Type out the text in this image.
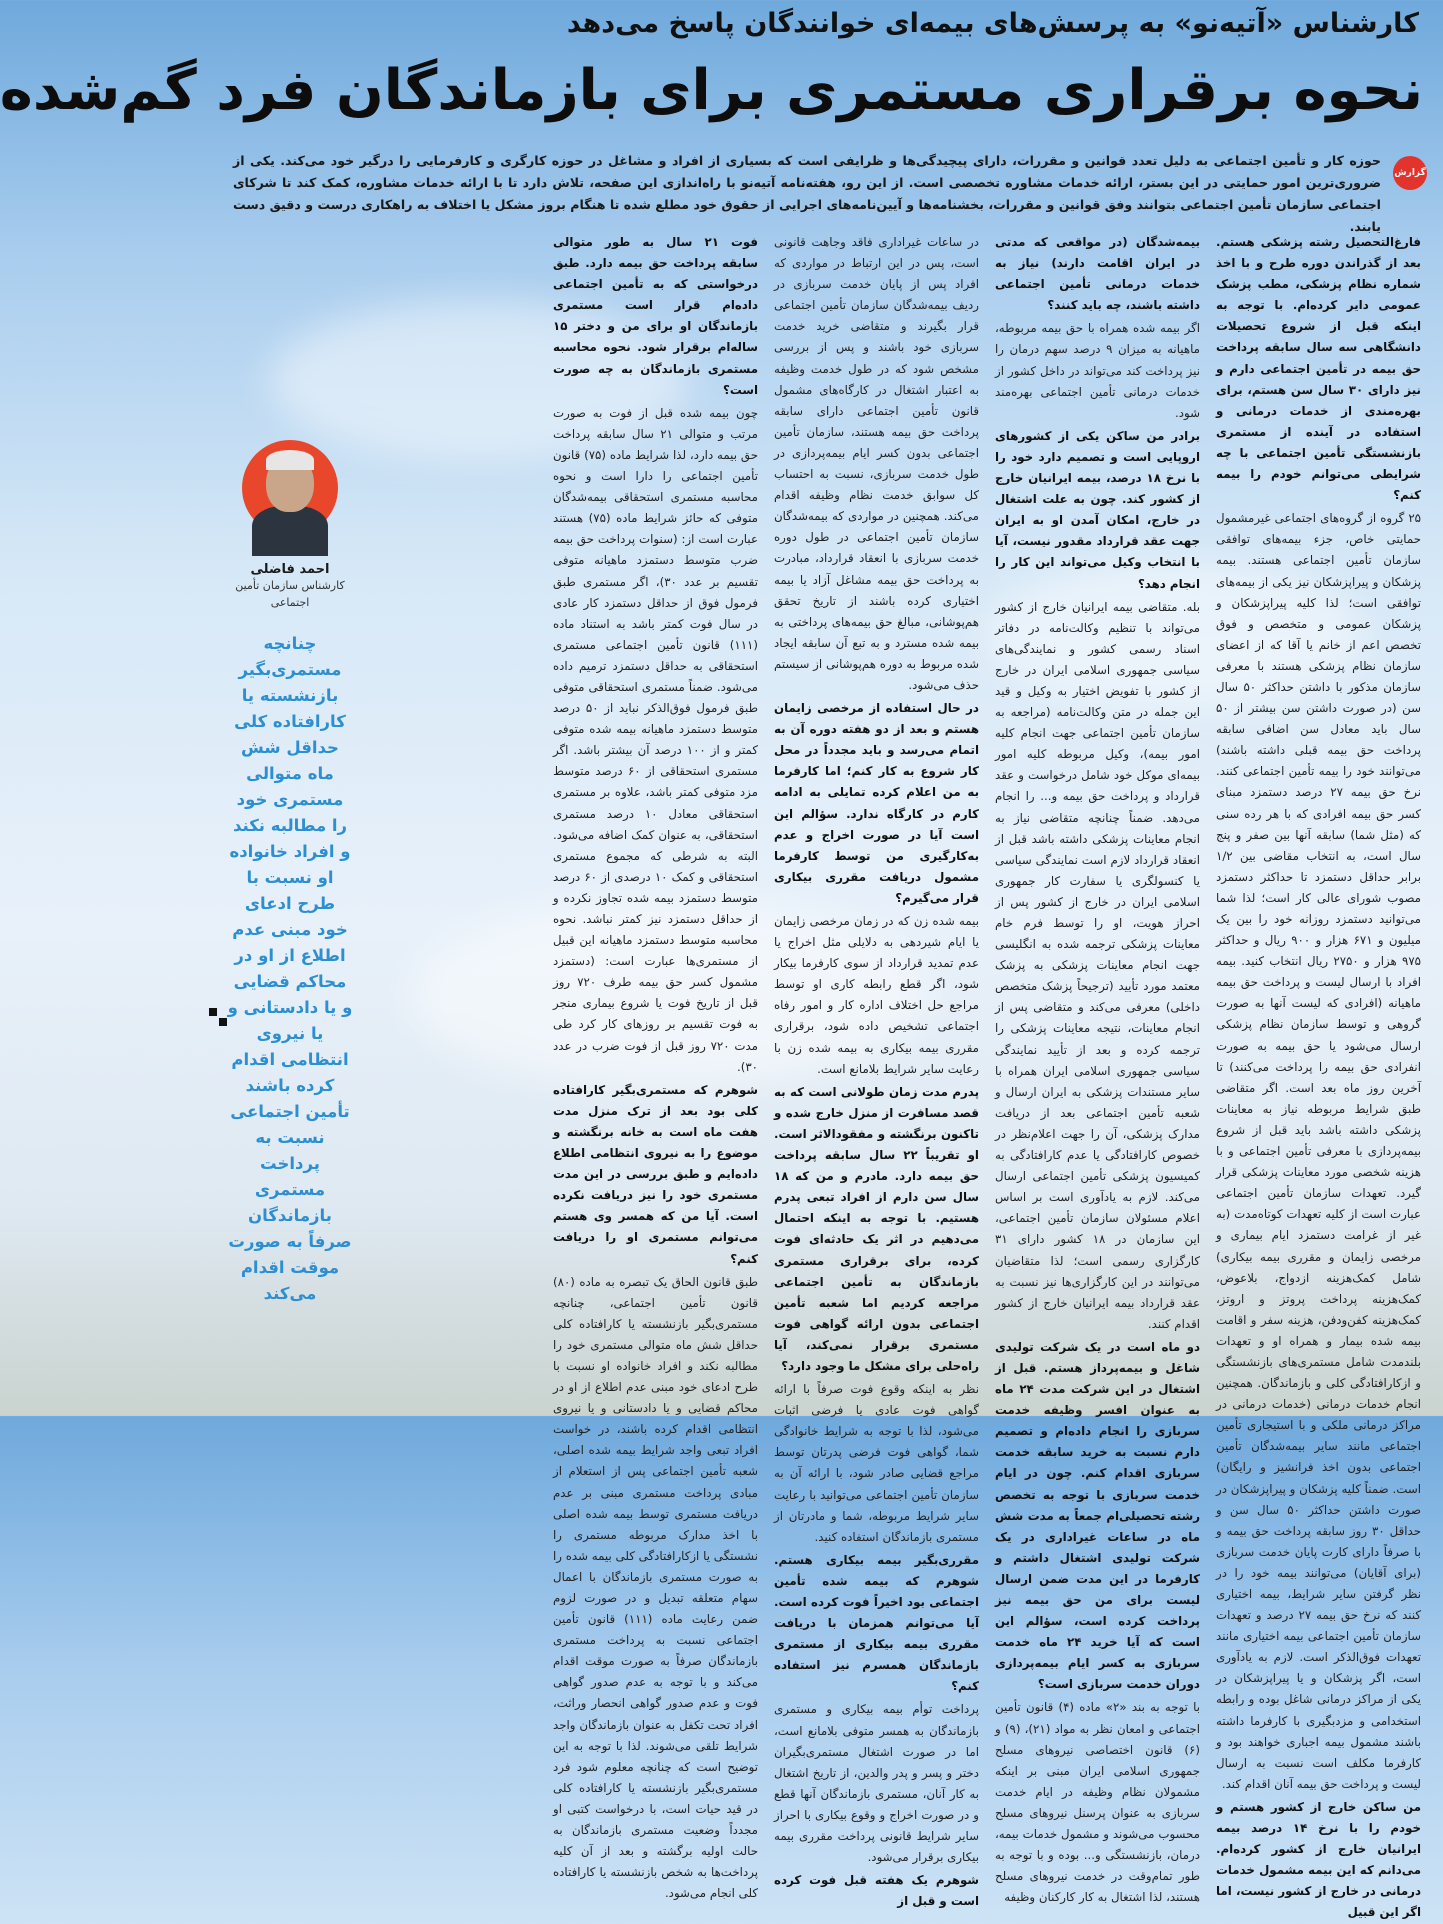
کارشناس «آتیه‌نو» به پرسش‌های بیمه‌ای خوانندگان پاسخ می‌دهد
نحوه برقراری مستمری برای بازماندگان فرد گم‌شده
گزارش
حوزه کار و تأمین اجتماعی به دلیل تعدد قوانین و مقررات، دارای پیچیدگی‌ها و ظرایفی است که بسیاری از افراد و مشاغل در حوزه کارگری و کارفرمایی را درگیر خود می‌کند. یکی از ضروری‌ترین امور حمایتی در این بستر، ارائه خدمات مشاوره تخصصی است. از این رو، هفته‌نامه آتیه‌نو با راه‌اندازی این صفحه، تلاش دارد تا با ارائه خدمات مشاوره، کمک کند تا شرکای اجتماعی سازمان تأمین اجتماعی بتوانند وفق قوانین و مقررات، بخشنامه‌ها و آیین‌نامه‌های اجرایی از حقوق خود مطلع شده تا هنگام بروز مشکل یا اختلاف به راهکاری درست و دقیق دست یابند.

فارغ‌التحصیل رشته پزشکی هستم. بعد از گذراندن دوره طرح و با اخذ شماره نظام پزشکی، مطب پزشک عمومی دایر کرده‌ام. با توجه به اینکه قبل از شروع تحصیلات دانشگاهی سه سال سابقه پرداخت حق بیمه در تأمین اجتماعی دارم و نیز دارای ۳۰ سال سن هستم، برای بهره‌مندی از خدمات درمانی و استفاده در آینده از مستمری بازنشستگی تأمین اجتماعی با چه شرایطی می‌توانم خودم را بیمه کنم؟

۲۵ گروه از گروه‌های اجتماعی غیرمشمول حمایتی خاص، جزء بیمه‌های توافقی سازمان تأمین اجتماعی هستند. بیمه پزشکان و پیراپزشکان نیز یکی از بیمه‌های توافقی است؛ لذا کلیه پیراپزشکان و پزشکان عمومی و متخصص و فوق تخصص اعم از خانم یا آقا که از اعضای سازمان نظام پزشکی هستند با معرفی سازمان مذکور با داشتن حداکثر ۵۰ سال سن (در صورت داشتن سن بیشتر از ۵۰ سال باید معادل سن اضافی سابقه پرداخت حق بیمه قبلی داشته باشند) می‌توانند خود را بیمه تأمین اجتماعی کنند. نرخ حق بیمه ۲۷ درصد دستمزد مبنای کسر حق بیمه افرادی که با هر رده سنی که (مثل شما) سابقه آنها بین صفر و پنج سال است، به انتخاب مقاضی بین ۱/۲ برابر حداقل دستمزد تا حداکثر دستمزد مصوب شورای عالی کار است؛ لذا شما می‌توانید دستمزد روزانه خود را بین یک میلیون و ۶۷۱ هزار و ۹۰۰ ریال و حداکثر ۹۷۵ هزار و ۲۷۵۰ ریال انتخاب کنید. بیمه افراد با ارسال لیست و پرداخت حق بیمه ماهیانه (افرادی که لیست آنها به صورت گروهی و توسط سازمان نظام پزشکی ارسال می‌شود یا حق بیمه به صورت انفرادی حق بیمه را پرداخت می‌کنند) تا آخرین روز ماه بعد است. اگر متقاضی طبق شرایط مربوطه نیاز به معاینات پزشکی داشته باشد باید قبل از شروع بیمه‌پردازی با معرفی تأمین اجتماعی و با هزینه شخصی مورد معاینات پزشکی قرار گیرد. تعهدات سازمان تأمین اجتماعی عبارت است از کلیه تعهدات کوتاه‌مدت (به غیر از غرامت دستمزد ایام بیماری و مرخصی زایمان و مقرری بیمه بیکاری) شامل کمک‌هزینه ازدواج، بلاعوض، کمک‌هزینه پرداخت پروتز و اروتز، کمک‌هزینه کفن‌ودفن، هزینه سفر و اقامت بیمه شده بیمار و همراه او و تعهدات بلندمدت شامل مستمری‌های بازنشستگی و ازکارافتادگی کلی و بازماندگان. همچنین انجام خدمات درمانی (خدمات درمانی در مراکز درمانی ملکی و با استیجاری تأمین اجتماعی مانند سایر بیمه‌شدگان تأمین اجتماعی بدون اخذ فرانشیز و رایگان) است. ضمناً کلیه پزشکان و پیراپزشکان در صورت داشتن حداکثر ۵۰ سال سن و حداقل ۳۰ روز سابقه پرداخت حق بیمه و با صرفاً دارای کارت پایان خدمت سربازی (برای آقایان) می‌توانند بیمه خود را در نظر گرفتن سایر شرایط، بیمه اختیاری کنند که نرخ حق بیمه ۲۷ درصد و تعهدات سازمان تأمین اجتماعی بیمه اختیاری مانند تعهدات فوق‌الذکر است. لازم به یادآوری است، اگر پزشکان و یا پیراپزشکان در یکی از مراکز درمانی شاغل بوده و رابطه استخدامی و مزدبگیری با کارفرما داشته باشند مشمول بیمه اجباری خواهند بود و کارفرما مکلف است نسبت به ارسال لیست و پرداخت حق بیمه آنان اقدام کند.

من ساکن خارج از کشور هستم و خودم را با نرخ ۱۴ درصد بیمه ایرانیان خارج از کشور کرده‌ام. می‌دانم که این بیمه مشمول خدمات درمانی در خارج از کشور نیست، اما اگر این قبیل

بیمه‌شدگان (در مواقعی که مدتی در ایران اقامت دارند) نیاز به خدمات درمانی تأمین اجتماعی داشته باشند، چه باید کنند؟

اگر بیمه شده همراه با حق بیمه مربوطه، ماهیانه به میزان ۹ درصد سهم درمان را نیز پرداخت کند می‌تواند در داخل کشور از خدمات درمانی تأمین اجتماعی بهره‌مند شود.

برادر من ساکن یکی از کشورهای اروپایی است و تصمیم دارد خود را با نرخ ۱۸ درصد، بیمه ایرانیان خارج از کشور کند. چون به علت اشتغال در خارج، امکان آمدن او به ایران جهت عقد قرارداد مقدور نیست، آیا با انتخاب وکیل می‌تواند این کار را انجام دهد؟

بله. متقاضی بیمه ایرانیان خارج از کشور می‌تواند با تنظیم وکالت‌نامه در دفاتر اسناد رسمی کشور و نمایندگی‌های سیاسی جمهوری اسلامی ایران در خارج از کشور با تفویض اختیار به وکیل و قید این جمله در متن وکالت‌نامه (مراجعه به سازمان تأمین اجتماعی جهت انجام کلیه امور بیمه)، وکیل مربوطه کلیه امور بیمه‌ای موکل خود شامل درخواست و عقد قرارداد و پرداخت حق بیمه و... را انجام می‌دهد. ضمناً چنانچه متقاضی نیاز به انجام معاینات پزشکی داشته باشد قبل از انعقاد قرارداد لازم است نمایندگی سیاسی یا کنسولگری یا سفارت کار جمهوری اسلامی ایران در خارج از کشور پس از احراز هویت، او را توسط فرم خام معاینات پزشکی ترجمه شده به انگلیسی جهت انجام معاینات پزشکی به پزشک معتمد مورد تأیید (ترجیحاً پزشک متخصص داخلی) معرفی می‌کند و متقاضی پس از انجام معاینات، نتیجه معاینات پزشکی را ترجمه کرده و بعد از تأیید نمایندگی سیاسی جمهوری اسلامی ایران همراه با سایر مستندات پزشکی به ایران ارسال و شعبه تأمین اجتماعی بعد از دریافت مدارک پزشکی، آن را جهت اعلام‌نظر در خصوص کارافتادگی یا عدم کارافتادگی به کمیسیون پزشکی تأمین اجتماعی ارسال می‌کند. لازم به یادآوری است بر اساس اعلام مسئولان سازمان تأمین اجتماعی، این سازمان در ۱۸ کشور دارای ۳۱ کارگزاری رسمی است؛ لذا متقاضیان می‌توانند در این کارگزاری‌ها نیز نسبت به عقد قرارداد بیمه ایرانیان خارج از کشور اقدام کنند.

دو ماه است در یک شرکت تولیدی شاغل و بیمه‌پرداز هستم. قبل از اشتغال در این شرکت مدت ۲۴ ماه به عنوان افسر وظیفه خدمت سربازی را انجام داده‌ام و تصمیم دارم نسبت به خرید سابقه خدمت سربازی اقدام کنم. چون در ایام خدمت سربازی با توجه به تخصص رشته تحصیلی‌ام جمعاً به مدت شش ماه در ساعات غیراداری در یک شرکت تولیدی اشتغال داشتم و کارفرما در این مدت ضمن ارسال لیست برای من حق بیمه نیز پرداخت کرده است، سؤالم این است که آیا خرید ۲۴ ماه خدمت سربازی به کسر ایام بیمه‌پردازی دوران خدمت سربازی است؟

با توجه به بند «۲» ماده (۴) قانون تأمین اجتماعی و امعان نظر به مواد (۲۱)، (۹) و (۶) قانون اختصاصی نیروهای مسلح جمهوری اسلامی ایران مبنی بر اینکه مشمولان نظام وظیفه در ایام خدمت سربازی به عنوان پرسنل نیروهای مسلح محسوب می‌شوند و مشمول خدمات بیمه، درمان، بازنشستگی و... بوده و با توجه به طور تمام‌وقت در خدمت نیروهای مسلح هستند، لذا اشتغال به کار کارکنان وظیفه

در ساعات غیراداری فاقد وجاهت قانونی است، پس در این ارتباط در مواردی که افراد پس از پایان خدمت سربازی در ردیف بیمه‌شدگان سازمان تأمین اجتماعی قرار بگیرند و متقاضی خرید خدمت سربازی خود باشند و پس از بررسی مشخص شود که در طول خدمت وظیفه به اعتبار اشتغال در کارگاه‌های مشمول قانون تأمین اجتماعی دارای سابقه پرداخت حق بیمه هستند، سازمان تأمین اجتماعی بدون کسر ایام بیمه‌پردازی در طول خدمت سربازی، نسبت به احتساب کل سوابق خدمت نظام وظیفه اقدام می‌کند. همچنین در مواردی که بیمه‌شدگان سازمان تأمین اجتماعی در طول دوره خدمت سربازی با انعقاد قرارداد، مبادرت به پرداخت حق بیمه مشاغل آزاد یا بیمه اختیاری کرده باشند از تاریخ تحقق هم‌پوشانی، مبالغ حق بیمه‌های پرداختی به بیمه شده مسترد و به تبع آن سابقه ایجاد شده مربوط به دوره هم‌پوشانی از سیستم حذف می‌شود.

در حال استفاده از مرخصی زایمان هستم و بعد از دو هفته دوره آن به اتمام می‌رسد و باید مجدداً در محل کار شروع به کار کنم؛ اما کارفرما به من اعلام کرده تمایلی به ادامه کارم در کارگاه ندارد. سؤالم این است آیا در صورت اخراج و عدم به‌کارگیری من توسط کارفرما مشمول دریافت مقرری بیکاری قرار می‌گیرم؟

بیمه شده زن که در زمان مرخصی زایمان یا ایام شیردهی به دلایلی مثل اخراج یا عدم تمدید قرارداد از سوی کارفرما بیکار شود، اگر قطع رابطه کاری او توسط مراجع حل اختلاف اداره کار و امور رفاه اجتماعی تشخیص داده شود، برقراری مقرری بیمه بیکاری به بیمه شده زن با رعایت سایر شرایط بلامانع است.

پدرم مدت زمان طولانی است که به قصد مسافرت از منزل خارج شده و تاکنون برنگشته و مفقودالاثر است. او تقریباً ۲۲ سال سابقه پرداخت حق بیمه دارد. مادرم و من که ۱۸ سال سن دارم از افراد تبعی پدرم هستیم. با توجه به اینکه احتمال می‌دهیم در اثر یک حادثه‌ای فوت کرده، برای برقراری مستمری بازماندگان به تأمین اجتماعی مراجعه کردیم اما شعبه تأمین اجتماعی بدون ارائه گواهی فوت مستمری برقرار نمی‌کند، آیا راه‌حلی برای مشکل ما وجود دارد؟

نظر به اینکه وقوع فوت صرفاً با ارائه گواهی فوت عادی یا فرضی اثبات می‌شود، لذا با توجه به شرایط خانوادگی شما، گواهی فوت فرضی پدرتان توسط مراجع قضایی صادر شود، با ارائه آن به سازمان تأمین اجتماعی می‌توانید با رعایت سایر شرایط مربوطه، شما و مادرتان از مستمری بازماندگان استفاده کنید.

مقرری‌بگیر بیمه بیکاری هستم. شوهرم که بیمه شده تأمین اجتماعی بود اخیراً فوت کرده است. آیا می‌توانم همزمان با دریافت مقرری بیمه بیکاری از مستمری بازماندگان همسرم نیز استفاده کنم؟

پرداخت توأم بیمه بیکاری و مستمری بازماندگان به همسر متوفی بلامانع است، اما در صورت اشتغال مستمری‌بگیران دختر و پسر و پدر والدین، از تاریخ اشتغال به کار آنان، مستمری بازماندگان آنها قطع و در صورت اخراج و وقوع بیکاری با احراز سایر شرایط قانونی پرداخت مقرری بیمه بیکاری برقرار می‌شود.

شوهرم یک هفته قبل فوت کرده است و قبل از

فوت ۲۱ سال به طور متوالی سابقه پرداخت حق بیمه دارد. طبق درخواستی که به تأمین اجتماعی داده‌ام قرار است مستمری بازماندگان او برای من و دختر ۱۵ ساله‌ام برقرار شود. نحوه محاسبه مستمری بازماندگان به چه صورت است؟

چون بیمه شده قبل از فوت به صورت مرتب و متوالی ۲۱ سال سابقه پرداخت حق بیمه دارد، لذا شرایط ماده (۷۵) قانون تأمین اجتماعی را دارا است و نحوه محاسبه مستمری استحقاقی بیمه‌شدگان متوفی که حائز شرایط ماده (۷۵) هستند عبارت است از: (سنوات پرداخت حق بیمه ضرب متوسط دستمزد ماهیانه متوفی تقسیم بر عدد ۳۰)، اگر مستمری طبق فرمول فوق از حداقل دستمزد کار عادی در سال فوت کمتر باشد به استناد ماده (۱۱۱) قانون تأمین اجتماعی مستمری استحقاقی به حداقل دستمزد ترمیم داده می‌شود. ضمناً مستمری استحقاقی متوفی طبق فرمول فوق‌الذکر نباید از ۵۰ درصد متوسط دستمزد ماهیانه بیمه شده متوفی کمتر و از ۱۰۰ درصد آن بیشتر باشد. اگر مستمری استحقاقی از ۶۰ درصد متوسط مزد متوفی کمتر باشد، علاوه بر مستمری استحقاقی معادل ۱۰ درصد مستمری استحقاقی، به عنوان کمک اضافه می‌شود. البته به شرطی که مجموع مستمری استحقاقی و کمک ۱۰ درصدی از ۶۰ درصد متوسط دستمزد بیمه شده تجاوز نکرده و از حداقل دستمزد نیز کمتر نباشد. نحوه محاسبه متوسط دستمزد ماهیانه این قبیل از مستمری‌ها عبارت است: (دستمزد مشمول کسر حق بیمه طرف ۷۲۰ روز قبل از تاریخ فوت یا شروع بیماری منجر به فوت تقسیم بر روزهای کار کرد طی مدت ۷۲۰ روز قبل از فوت ضرب در عدد ۳۰).

شوهرم که مستمری‌بگیر کارافتاده کلی بود بعد از ترک منزل مدت هفت ماه است به خانه برنگشته و موضوع را به نیروی انتظامی اطلاع داده‌ایم و طبق بررسی در این مدت مستمری خود را نیز دریافت نکرده است. آیا من که همسر وی هستم می‌توانم مستمری او را دریافت کنم؟

طبق قانون الحاق یک تبصره به ماده (۸۰) قانون تأمین اجتماعی، چنانچه مستمری‌بگیر بازنشسته یا کارافتاده کلی حداقل شش ماه متوالی مستمری خود را مطالبه نکند و افراد خانواده او نسبت با طرح ادعای خود مبنی عدم اطلاع از او در محاکم قضایی و یا دادستانی و یا نیروی انتظامی اقدام کرده باشند، در خواست افراد تبعی واجد شرایط بیمه شده اصلی، شعبه تأمین اجتماعی پس از استعلام از مبادی پرداخت مستمری مبنی بر عدم دریافت مستمری توسط بیمه شده اصلی با اخذ مدارک مربوطه مستمری را نشستگی یا ازکارافتادگی کلی بیمه شده را به صورت مستمری بازماندگان با اعمال سهام متعلقه تبدیل و در صورت لزوم ضمن رعایت ماده (۱۱۱) قانون تأمین اجتماعی نسبت به پرداخت مستمری بازماندگان صرفاً به صورت موقت اقدام می‌کند و با توجه به عدم صدور گواهی فوت و عدم صدور گواهی انحصار وراثت، افراد تحت تکفل به عنوان بازماندگان واجد شرایط تلقی می‌شوند. لذا با توجه به این توضیح است که چنانچه معلوم شود فرد مستمری‌بگیر بازنشسته یا کارافتاده کلی در قید حیات است، با درخواست کتبی او مجدداً وضعیت مستمری بازماندگان به حالت اولیه برگشته و بعد از آن کلیه پرداخت‌ها به شخص بازنشسته یا کارافتاده کلی انجام می‌شود.

احمد فاضلی
کارشناس سازمان تأمین اجتماعی
چنانچه مستمری‌بگیر بازنشسته یا کارافتاده کلی حداقل شش ماه متوالی مستمری خود را مطالبه نکند و افراد خانواده او نسبت با طرح ادعای خود مبنی عدم اطلاع از او در محاکم قضایی و یا دادستانی و یا نیروی انتظامی اقدام کرده باشند تأمین اجتماعی نسبت به پرداخت مستمری بازماندگان صرفاً به صورت موقت اقدام می‌کند
